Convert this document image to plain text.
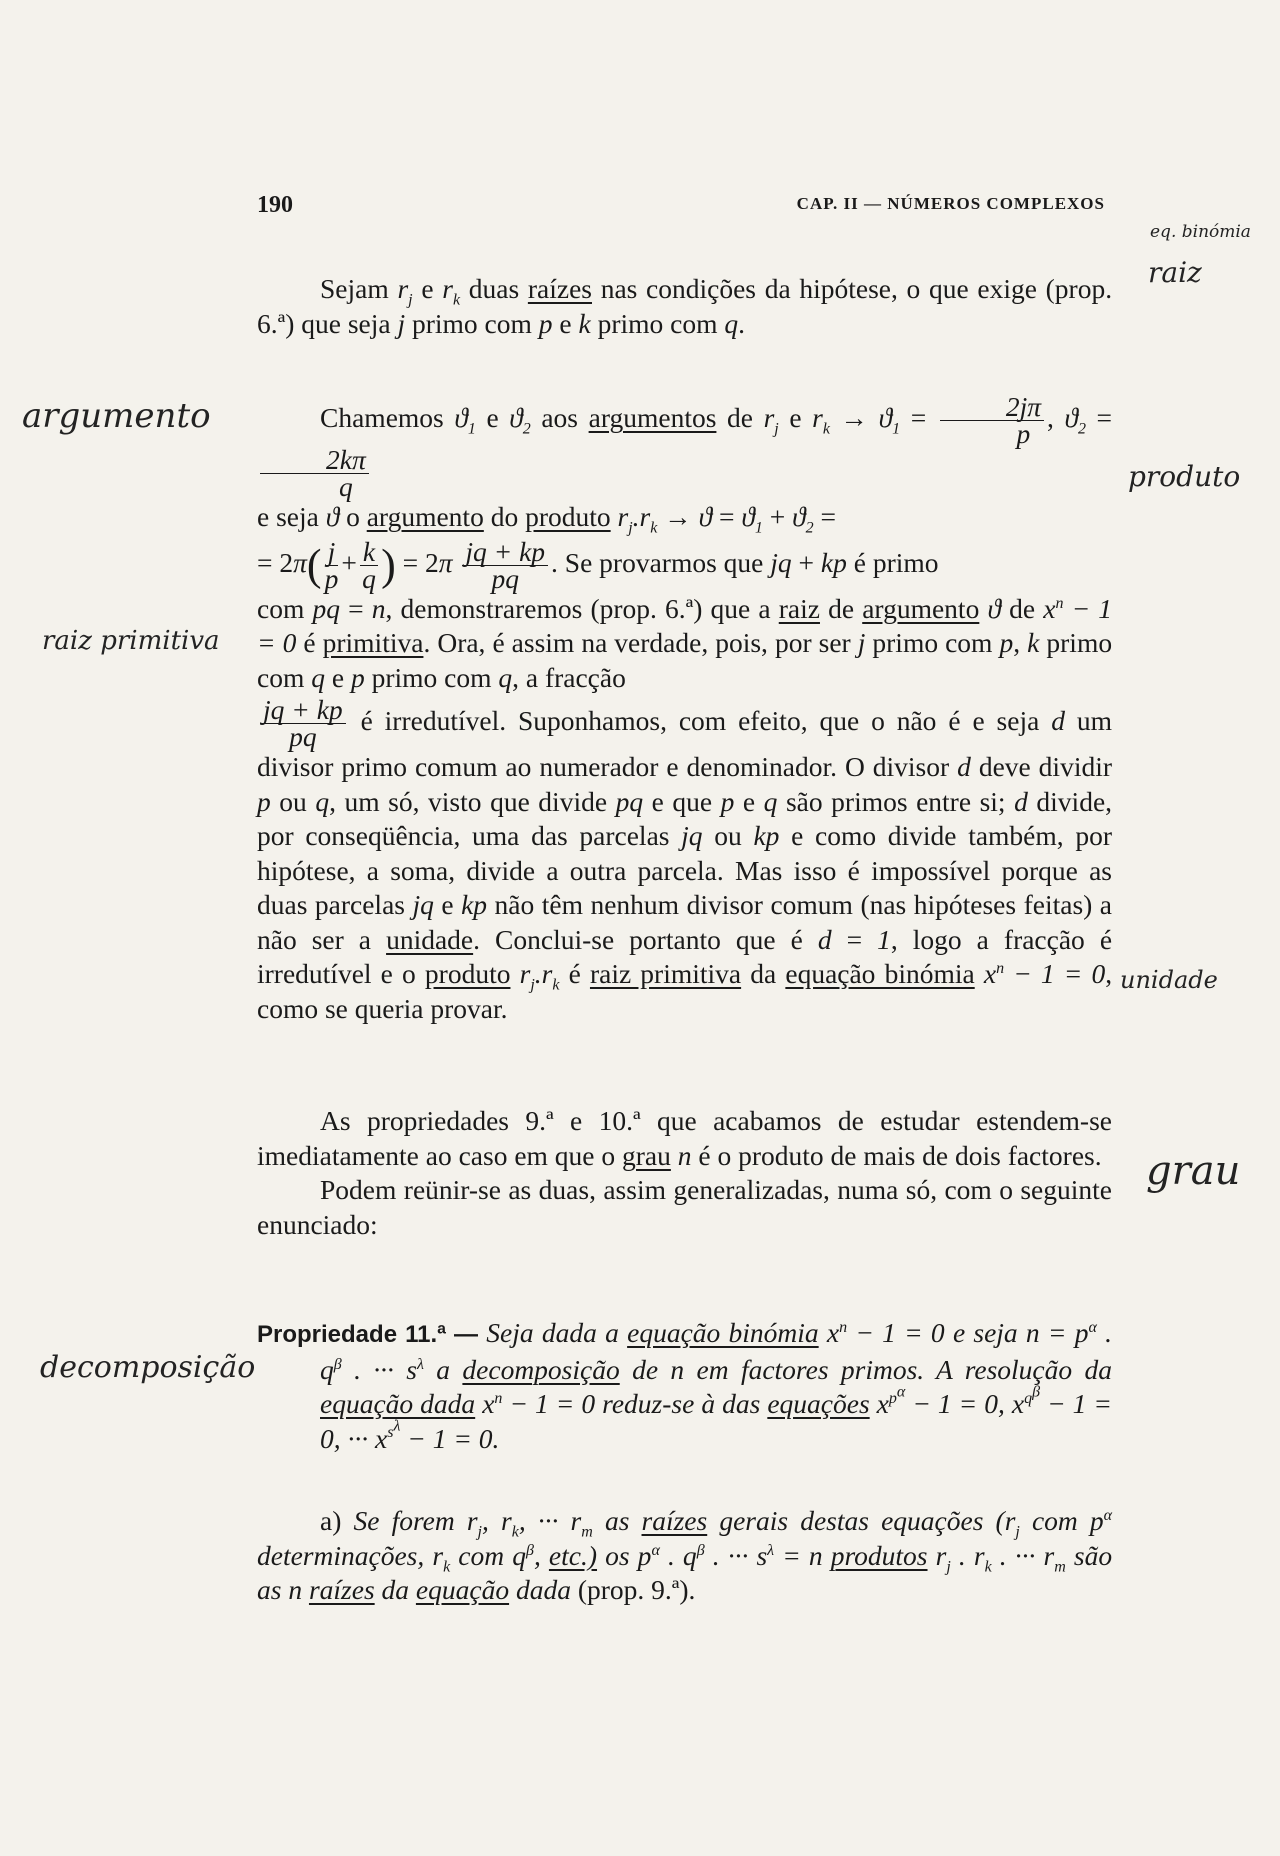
190	CAP. II — NÚMEROS COMPLEXOS
eq. binómia
raiz
argumento
produto
raiz primitiva
unidade
grau
decomposição

Sejam $r_j$ e $r_k$ duas raízes nas condições da hipótese, o que exige (prop. 6.ª) que seja j primo com p e k primo com q.

Chamemos $ϑ_1$ e $ϑ_2$ aos argumentos de $r_j$ e $r_k \to ϑ_1 = \frac{2j\pi}{p}$ , $ϑ_2$ =
$\frac{2k\pi}{q}$

e seja ϑ o argumento do produto $r_j.r_k \to ϑ = ϑ_1 + ϑ_2$ =

= $2\pi( \frac{j}{p} + \frac{k}{q}$ ) = $2\pi \frac{jq + kp}{pq}$ . Se provarmos que jq + kp é primo

com pq = n, demonstraremos (prop. 6.ª) que a raiz de argumento ϑ de $x^n - 1 = 0$ é primitiva. Ora, é assim na verdade, pois, por ser j primo com p, k primo com q e p primo com q, a fracção

$\frac{jq + kp}{pq}$ é irredutível. Suponhamos, com efeito, que o não é e seja d um divisor primo comum ao numerador e denominador. O divisor d deve dividir p ou q, um só, visto que divide pq e que p e q são primos entre si; d divide, por conseqüência, uma das parcelas jq ou kp e como divide também, por hipótese, a soma, divide a outra parcela. Mas isso é impossível porque as duas parcelas jq e kp não têm nenhum divisor comum (nas hipóteses feitas) a não ser a unidade. Conclui-se portanto que é d = 1, logo a fracção é irredutível e o produto $r_j.r_k$ é raiz primitiva da equação binómia $x^n - 1 = 0$, como se queria provar.

As propriedades 9.ª e 10.ª que acabamos de estudar estendem-se imediatamente ao caso em que o grau n é o produto de mais de dois factores.

Podem reünir-se as duas, assim generalizadas, numa só, com o seguinte enunciado:

Propriedade 11.ª — Seja dada a equação binómia $x^n - 1 = 0$ e seja $n = p^\alpha$ . $q^\beta$ . ··· $s^\lambda$ a decomposição de n em factores primos. A resolução da equação dada $x^n - 1 = 0$ reduz-se à das equações $x^{p^\alpha} - 1 = 0$, $x^{q^\beta} - 1 = 0$, ··· $x^{s^\lambda} - 1 = 0$.

a) Se forem $r_j$, $r_k$, ··· $r_m$ as raízes gerais destas equações ($r_j$ com $p^\alpha$ determinações, $r_k$ com $q^\beta$, etc.) os $p^\alpha$ . $q^\beta$ . ··· $s^\lambda = n$ produtos $r_j$ . $r_k$ . ··· $r_m$ são as n raízes da equação dada (prop. 9.ª).
